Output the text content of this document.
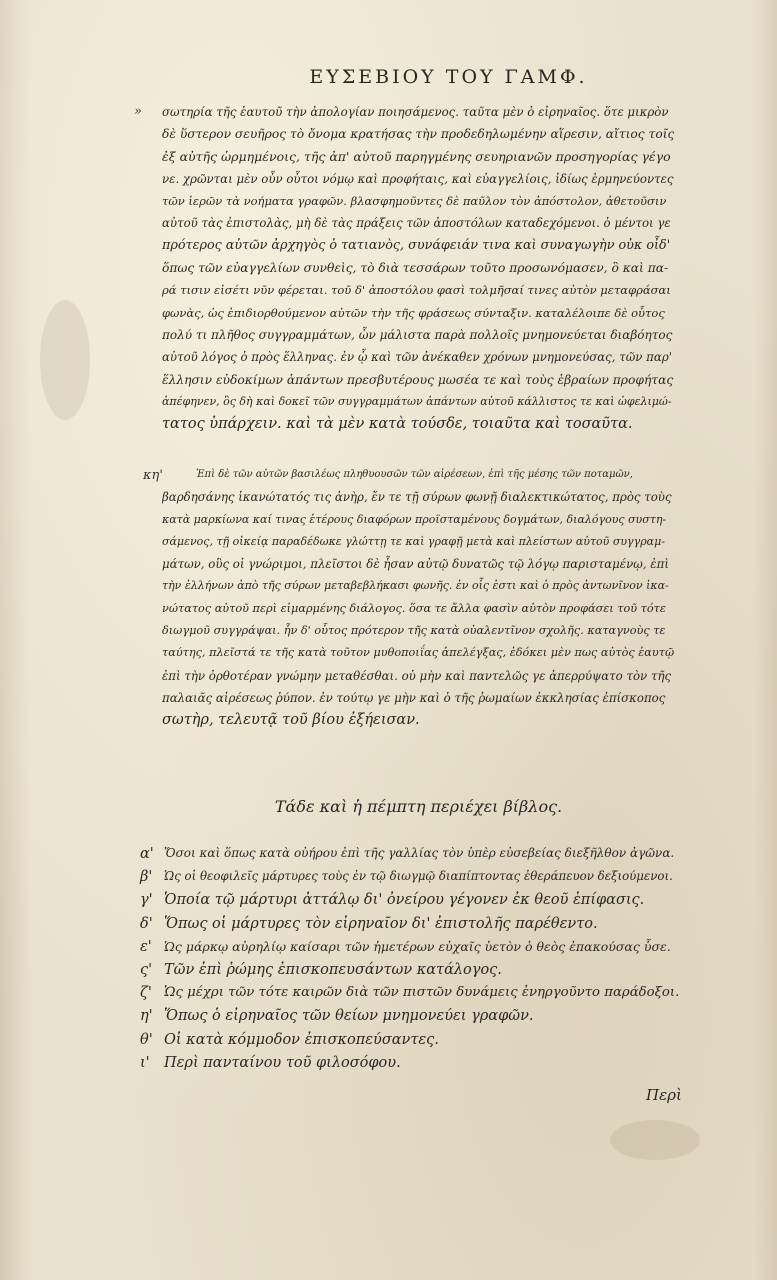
ΕΥΣΕΒΙΟΥ ΤΟΥ ΓΑΜΦ.
»
κη'
σωτηρία τῆς ἑαυτοῦ τὴν ἀπολογίαν ποιησάμενος. ταῦτα μὲν ὁ εἰρηναῖος. ὅτε μικρὸν
δὲ ὕστερον σευῆρος τὸ ὄνομα κρατήσας τὴν προδεδηλωμένην αἵρεσιν, αἴτιος τοῖς
ἐξ αὐτῆς ὡρμημένοις, τῆς ἀπ' αὐτοῦ παρηγμένης σευηριανῶν προσηγορίας γέγο
νε. χρῶνται μὲν οὖν οὗτοι νόμῳ καὶ προφήταις, καὶ εὐαγγελίοις, ἰδίως ἑρμηνεύοντες
τῶν ἱερῶν τὰ νοήματα γραφῶν. βλασφημοῦντες δὲ παῦλον τὸν ἀπόστολον, ἀθετοῦσιν
αὐτοῦ τὰς ἐπιστολὰς, μὴ δὲ τὰς πράξεις τῶν ἀποστόλων καταδεχόμενοι. ὁ μέντοι γε
πρότερος αὐτῶν ἀρχηγὸς ὁ τατιανὸς, συνάφειάν τινα καὶ συναγωγὴν οὐκ οἶδ'
ὅπως τῶν εὐαγγελίων συνθεὶς, τὸ διὰ τεσσάρων τοῦτο προσωνόμασεν, ὃ καὶ πα-
ρά τισιν εἰσέτι νῦν φέρεται. τοῦ δ' ἀποστόλου φασὶ τολμῆσαί τινες αὐτὸν μεταφράσαι
φωνὰς, ὡς ἐπιδιορθούμενον αὐτῶν τὴν τῆς φράσεως σύνταξιν. καταλέλοιπε δὲ οὗτος
πολύ τι πλῆθος συγγραμμάτων, ὧν μάλιστα παρὰ πολλοῖς μνημονεύεται διαβόητος
αὐτοῦ λόγος ὁ πρὸς ἕλληνας. ἐν ᾧ καὶ τῶν ἀνέκαθεν χρόνων μνημονεύσας, τῶν παρ'
ἕλλησιν εὐδοκίμων ἁπάντων πρεσβυτέρους μωσέα τε καὶ τοὺς ἑβραίων προφήτας
ἀπέφηνεν, ὃς δὴ καὶ δοκεῖ τῶν συγγραμμάτων ἁπάντων αὐτοῦ κάλλιστος τε καὶ ὠφελιμώ-
τατος ὑπάρχειν. καὶ τὰ μὲν κατὰ τούσδε, τοιαῦτα καὶ τοσαῦτα.
Ἐπὶ δὲ τῶν αὐτῶν βασιλέως πληθυουσῶν τῶν αἱρέσεων, ἐπὶ τῆς μέσης τῶν ποταμῶν,
βαρδησάνης ἱκανώτατός τις ἀνὴρ, ἔν τε τῇ σύρων φωνῇ διαλεκτικώτατος, πρὸς τοὺς
κατὰ μαρκίωνα καί τινας ἑτέρους διαφόρων προϊσταμένους δογμάτων, διαλόγους συστη-
σάμενος, τῇ οἰκείᾳ παραδέδωκε γλώττῃ τε καὶ γραφῇ μετὰ καὶ πλείστων αὐτοῦ συγγραμ-
μάτων, οὓς οἱ γνώριμοι, πλεῖστοι δὲ ἦσαν αὐτῷ δυνατῶς τῷ λόγῳ παρισταμένῳ, ἐπὶ
τὴν ἑλλήνων ἀπὸ τῆς σύρων μεταβεβλήκασι φωνῆς. ἐν οἷς ἐστι καὶ ὁ πρὸς ἀντωνῖνον ἱκα-
νώτατος αὐτοῦ περὶ εἱμαρμένης διάλογος. ὅσα τε ἄλλα φασὶν αὐτὸν προφάσει τοῦ τότε
διωγμοῦ συγγράψαι. ἦν δ' οὗτος πρότερον τῆς κατὰ οὐαλεντῖνον σχολῆς. καταγνοὺς τε
ταύτης, πλεῖστά τε τῆς κατὰ τοῦτον μυθοποιΐας ἀπελέγξας, ἐδόκει μὲν πως αὐτὸς ἑαυτῷ
ἐπὶ τὴν ὀρθοτέραν γνώμην μεταθέσθαι. οὐ μὴν καὶ παντελῶς γε ἀπερρύψατο τὸν τῆς
παλαιᾶς αἱρέσεως ῥύπον. ἐν τούτῳ γε μὴν καὶ ὁ τῆς ῥωμαίων ἐκκλησίας ἐπίσκοπος
σωτὴρ, τελευτᾷ τοῦ βίου ἐξήεισαν.
Τάδε καὶ ἡ πέμπτη περιέχει βίβλος.
α' Ὅσοι καὶ ὅπως κατὰ οὐήρου ἐπὶ τῆς γαλλίας τὸν ὑπὲρ εὐσεβείας διεξῆλθον ἀγῶνα.
β' Ὡς οἱ θεοφιλεῖς μάρτυρες τοὺς ἐν τῷ διωγμῷ διαπίπτοντας ἐθεράπευον δεξιούμενοι.
γ' Ὁποία τῷ μάρτυρι ἀττάλῳ δι' ὀνείρου γέγονεν ἐκ θεοῦ ἐπίφασις.
δ' Ὅπως οἱ μάρτυρες τὸν εἰρηναῖον δι' ἐπιστολῆς παρέθεντο.
ε' Ὡς μάρκῳ αὐρηλίῳ καίσαρι τῶν ἡμετέρων εὐχαῖς ὑετὸν ὁ θεὸς ἐπακούσας ὗσε.
ς' Τῶν ἐπὶ ῥώμης ἐπισκοπευσάντων κατάλογος.
ζ' Ὡς μέχρι τῶν τότε καιρῶν διὰ τῶν πιστῶν δυνάμεις ἐνηργοῦντο παράδοξοι.
η' Ὅπως ὁ εἰρηναῖος τῶν θείων μνημονεύει γραφῶν.
θ' Οἱ κατὰ κόμμοδον ἐπισκοπεύσαντες.
ι' Περὶ πανταίνου τοῦ φιλοσόφου.
Περὶ
